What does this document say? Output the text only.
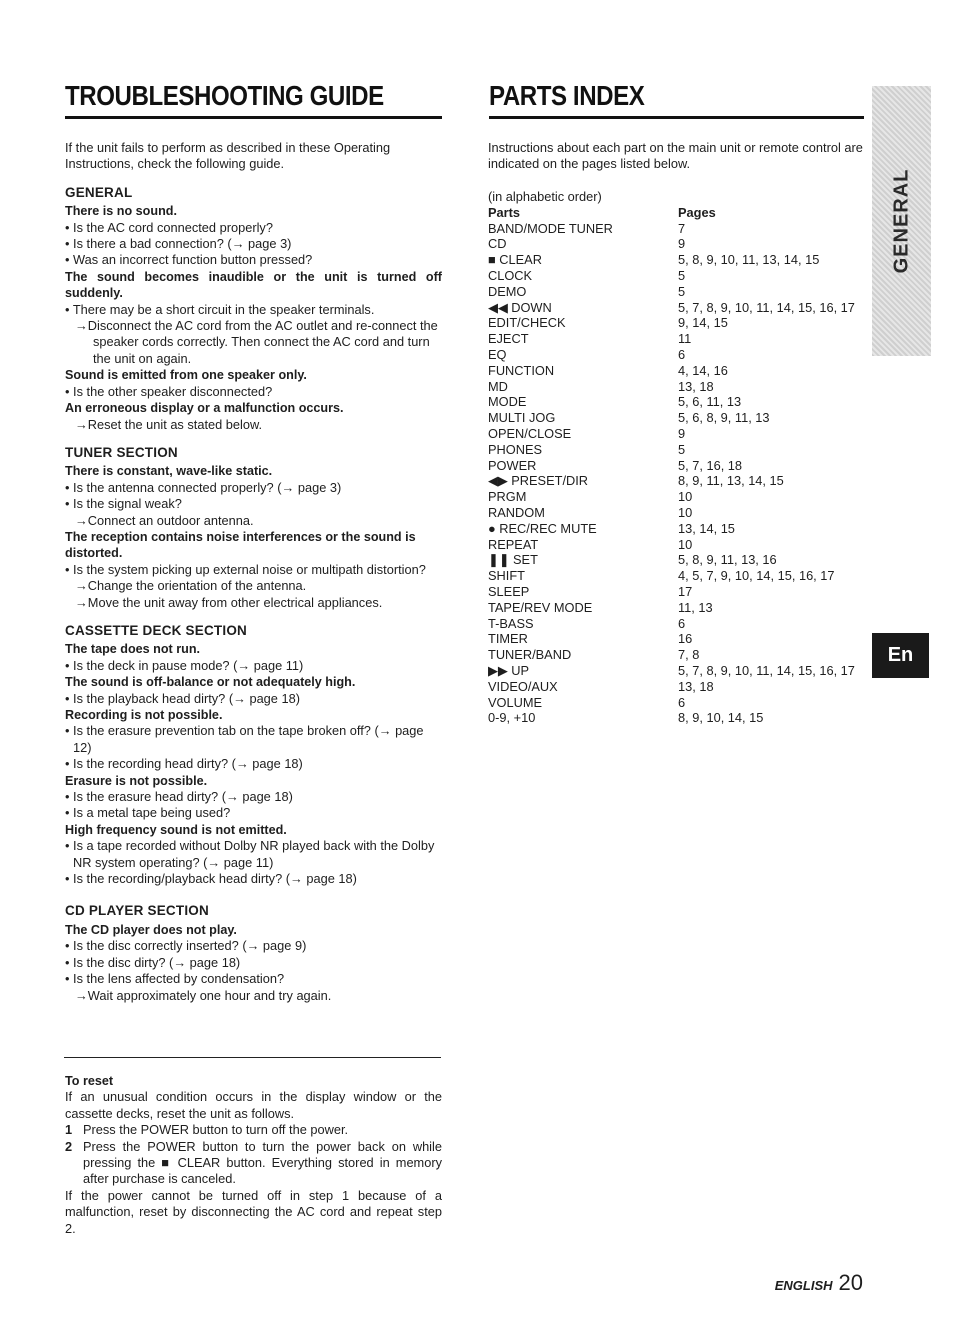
TROUBLESHOOTING GUIDE	PARTS INDEX

If the unit fails to perform as described in these Operating Instructions, check the following guide.

GENERAL

There is no sound.

• Is the AC cord connected properly?

• Is there a bad connection? (→ page 3)

• Was an incorrect function button pressed?

The sound becomes inaudible or the unit is turned off suddenly.

• There may be a short circuit in the speaker terminals.

→ Disconnect the AC cord from the AC outlet and re-connect the speaker cords correctly. Then connect the AC cord and turn the unit on again.

Sound is emitted from one speaker only.

• Is the other speaker disconnected?

An erroneous display or a malfunction occurs.

→ Reset the unit as stated below.

TUNER SECTION

There is constant, wave-like static.

• Is the antenna connected properly? (→ page 3)

• Is the signal weak?

→ Connect an outdoor antenna.

The reception contains noise interferences or the sound is distorted.

• Is the system picking up external noise or multipath distortion?

→ Change the orientation of the antenna.

→ Move the unit away from other electrical appliances.

CASSETTE DECK SECTION

The tape does not run.

• Is the deck in pause mode? (→ page 11)

The sound is off-balance or not adequately high.

• Is the playback head dirty? (→ page 18)

Recording is not possible.

• Is the erasure prevention tab on the tape broken off? (→ page 12)

• Is the recording head dirty? (→ page 18)

Erasure is not possible.

• Is the erasure head dirty? (→ page 18)

• Is a metal tape being used?

High frequency sound is not emitted.

• Is a tape recorded without Dolby NR played back with the Dolby NR system operating? (→ page 11)

• Is the recording/playback head dirty? (→ page 18)

CD PLAYER SECTION

The CD player does not play.

• Is the disc correctly inserted? (→ page 9)

• Is the disc dirty? (→ page 18)

• Is the lens affected by condensation?

→ Wait approximately one hour and try again.

To reset

If an unusual condition occurs in the display window or the cassette decks, reset the unit as follows.

1 Press the POWER button to turn off the power.
2 Press the POWER button to turn the power back on while pressing the ■ CLEAR button. Everything stored in memory after purchase is canceled.

If the power cannot be turned off in step 1 because of a malfunction, reset by disconnecting the AC cord and repeat step 2.

Instructions about each part on the main unit or remote control are indicated on the pages listed below.

(in alphabetic order)

Parts	Pages
BAND/MODE TUNER	7
CD	9
■ CLEAR	5, 8, 9, 10, 11, 13, 14, 15
CLOCK	5
DEMO	5
◀◀ DOWN	5, 7, 8, 9, 10, 11, 14, 15, 16, 17
EDIT/CHECK	9, 14, 15
EJECT	11
EQ	6
FUNCTION	4, 14, 16
MD	13, 18
MODE	5, 6, 11, 13
MULTI JOG	5, 6, 8, 9, 11, 13
OPEN/CLOSE	9
PHONES	5
POWER	5, 7, 16, 18
◀▶ PRESET/DIR	8, 9, 11, 13, 14, 15
PRGM	10
RANDOM	10
● REC/REC MUTE	13, 14, 15
REPEAT	10
❚❚ SET	5, 8, 9, 11, 13, 16
SHIFT	4, 5, 7, 9, 10, 14, 15, 16, 17
SLEEP	17
TAPE/REV MODE	11, 13
T-BASS	6
TIMER	16
TUNER/BAND	7, 8
▶▶ UP	5, 7, 8, 9, 10, 11, 14, 15, 16, 17
VIDEO/AUX	13, 18
VOLUME	6
0-9, +10	8, 9, 10, 14, 15
GENERAL
En
ENGLISH 20
